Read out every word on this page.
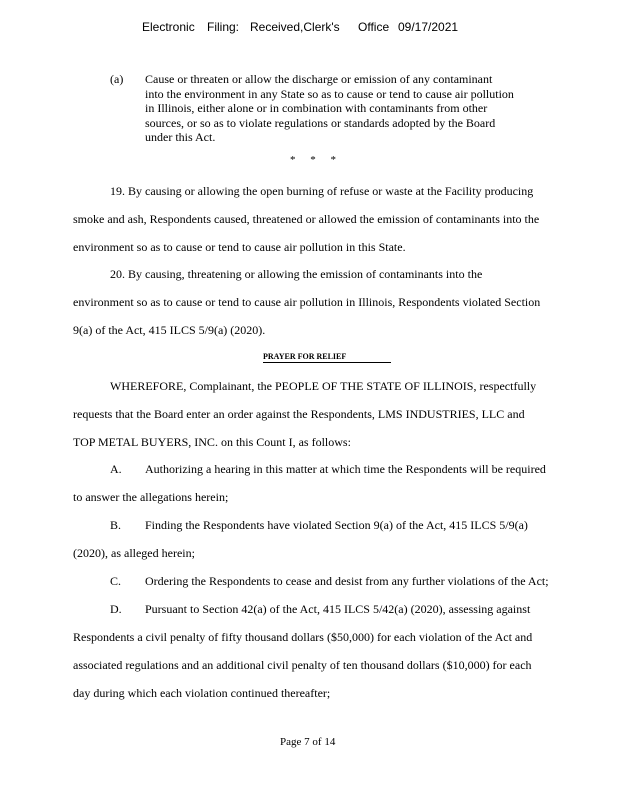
Electronic Filing: Received,Clerk's Office 09/17/2021
(a) Cause or threaten or allow the discharge or emission of any contaminant
into the environment in any State so as to cause or tend to cause air pollution
in Illinois, either alone or in combination with contaminants from other
sources, or so as to violate regulations or standards adopted by the Board
under this Act.
* * *
19. By causing or allowing the open burning of refuse or waste at the Facility producing
smoke and ash, Respondents caused, threatened or allowed the emission of contaminants into the
environment so as to cause or tend to cause air pollution in this State.
20. By causing, threatening or allowing the emission of contaminants into the
environment so as to cause or tend to cause air pollution in Illinois, Respondents violated Section
9(a) of the Act, 415 ILCS 5/9(a) (2020).
PRAYER FOR RELIEF
WHEREFORE, Complainant, the PEOPLE OF THE STATE OF ILLINOIS, respectfully
requests that the Board enter an order against the Respondents, LMS INDUSTRIES, LLC and
TOP METAL BUYERS, INC. on this Count I, as follows:
A. Authorizing a hearing in this matter at which time the Respondents will be required
to answer the allegations herein;
B. Finding the Respondents have violated Section 9(a) of the Act, 415 ILCS 5/9(a)
(2020), as alleged herein;
C. Ordering the Respondents to cease and desist from any further violations of the Act;
D. Pursuant to Section 42(a) of the Act, 415 ILCS 5/42(a) (2020), assessing against
Respondents a civil penalty of fifty thousand dollars ($50,000) for each violation of the Act and
associated regulations and an additional civil penalty of ten thousand dollars ($10,000) for each
day during which each violation continued thereafter;
Page 7 of 14
